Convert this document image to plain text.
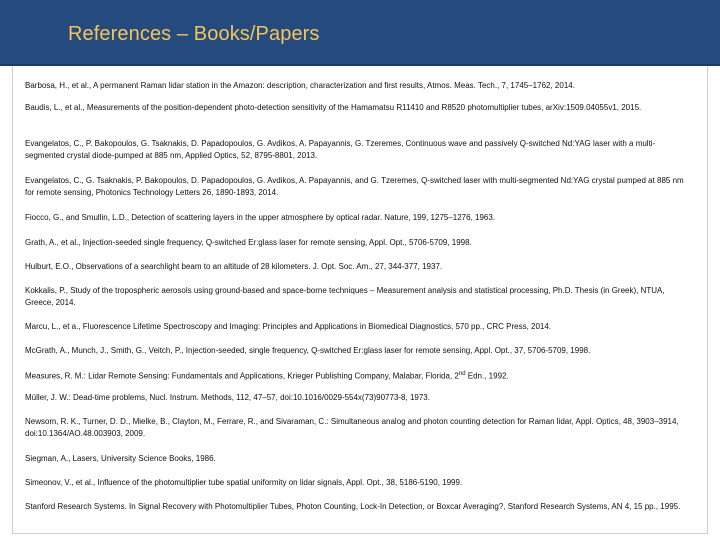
References – Books/Papers
Barbosa, H., et al., A permanent Raman lidar station in the Amazon: description, characterization and first results, Atmos. Meas. Tech., 7, 1745–1762, 2014.
Baudis, L., et al., Measurements of the position-dependent photo-detection sensitivity of the Hamamatsu R11410 and R8520 photomultiplier tubes, arXiv:1509.04055v1, 2015.
Evangelatos, C., P. Bakopoulos, G. Tsaknakis, D. Papadopoulos, G. Avdikos, A. Papayannis, G. Tzeremes, Continuous wave and passively Q-switched Nd:YAG laser with a multi-segmented crystal diode-pumped at 885 nm, Applied Optics, 52, 8795-8801, 2013.
Evangelatos, C., G. Tsaknakis, P. Bakopoulos, D. Papadopoulos, G. Avdikos, A. Papayannis, and G. Tzeremes, Q-switched laser with multi-segmented Nd:YAG crystal pumped at 885 nm for remote sensing, Photonics Technology Letters 26, 1890-1893, 2014.
Fiocco, G., and Smullin, L.D., Detection of scattering layers in the upper atmosphere by optical radar. Nature, 199, 1275–1276, 1963.
Grath, A., et al., Injection-seeded single frequency, Q-switched Er:glass laser for remote sensing, Appl. Opt., 5706-5709, 1998.
Hulburt, E.O., Observations of a searchlight beam to an altitude of 28 kilometers. J. Opt. Soc. Am., 27, 344-377, 1937.
Kokkalis, P., Study of the tropospheric aerosols using ground-based and space-borne techniques – Measurement analysis and statistical processing, Ph.D. Thesis (in Greek), NTUA, Greece, 2014.
Marcu, L., et a., Fluorescence Lifetime Spectroscopy and Imaging: Principles and Applications in Biomedical Diagnostics, 570 pp., CRC Press, 2014.
McGrath, A., Munch, J., Smith, G., Veitch, P., Injection-seeded, single frequency, Q-switched Er:glass laser for remote sensing, Appl. Opt., 37, 5706-5709, 1998.
Measures, R. M.: Lidar Remote Sensing: Fundamentals and Applications, Krieger Publishing Company, Malabar, Florida, 2nd Edn., 1992.
Müller, J. W.: Dead-time problems, Nucl. Instrum. Methods, 112, 47–57, doi:10.1016/0029-554x(73)90773-8, 1973.
Newsom, R. K., Turner, D. D., Mielke, B., Clayton, M., Ferrare, R., and Sivaraman, C.: Simultaneous analog and photon counting detection for Raman lidar, Appl. Optics, 48, 3903–3914, doi:10.1364/AO.48.003903, 2009.
Siegman, A., Lasers, University Science Books, 1986.
Simeonov, V., et al., Influence of the photomultiplier tube spatial uniformity on lidar signals, Appl. Opt., 38, 5186-5190, 1999.
Stanford Research Systems. In Signal Recovery with Photomultiplier Tubes, Photon Counting, Lock-In Detection, or Boxcar Averaging?, Stanford Research Systems, AN 4, 15 pp., 1995.
